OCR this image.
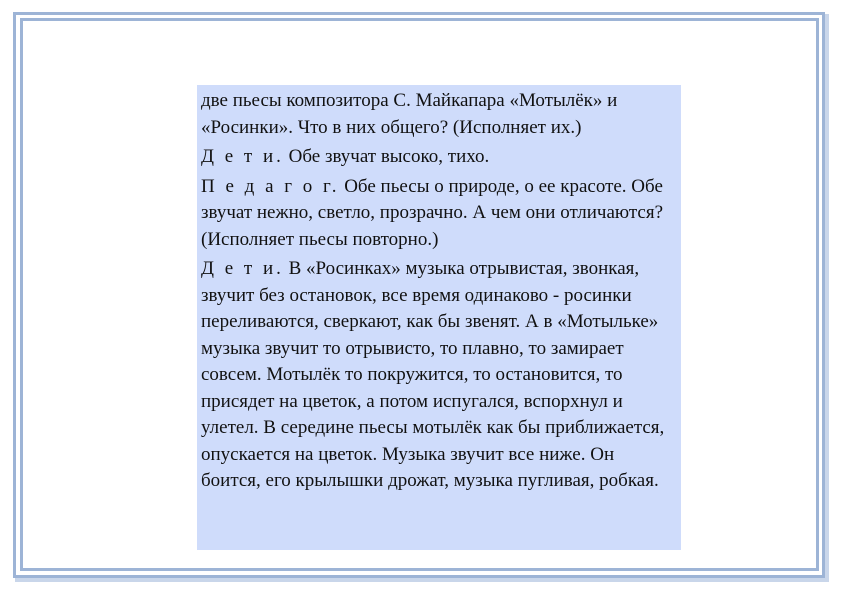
две пьесы композитора С. Майкапара «Мотылёк» и «Росинки». Что в них общего? (Исполняет их.)

Д е т и. Обе звучат высоко, тихо.

П е д а г о г. Обе пьесы о природе, о ее красоте. Обе звучат нежно, светло, прозрачно. А чем они отличаются? (Исполняет пьесы повторно.)

Д е т и. В «Росинках» музыка отрывистая, звонкая, звучит без остановок, все время одинаково - росинки переливаются, сверкают, как бы звенят. А в «Мотыльке» музыка звучит то отрывисто, то плавно, то замирает совсем. Мотылёк то покружится, то остановится, то присядет на цветок, а потом испугался, вспорхнул и улетел. В середине пьесы мотылёк как бы приближается, опускается на цветок. Музыка звучит все ниже. Он боится, его крылышки дрожат, музыка пугливая, робкая.
